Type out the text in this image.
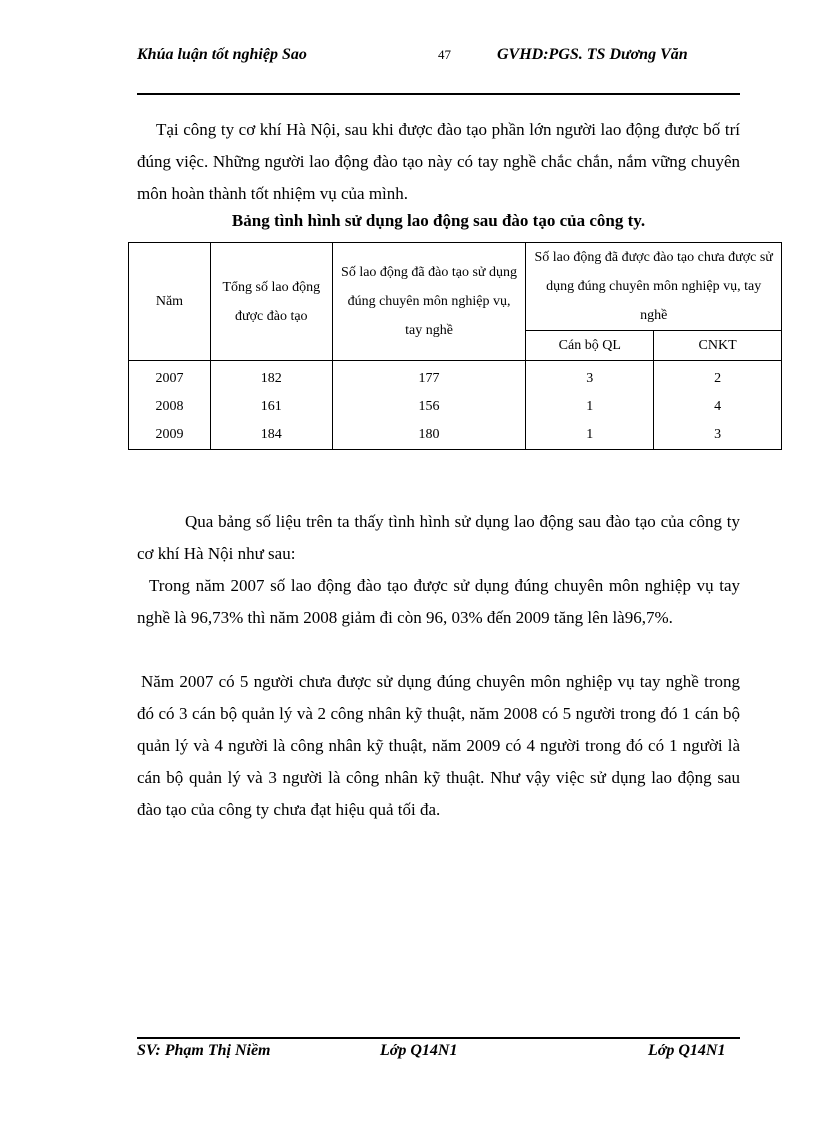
Khúa luận tốt nghiệp Sao	47	GVHD:PGS. TS Dương Văn

Tại công ty cơ khí Hà Nội, sau khi được đào tạo phần lớn người lao động được bố trí đúng việc. Những người lao động đào tạo này có tay nghề chắc chắn, nắm vững chuyên môn hoàn thành tốt nhiệm vụ của mình.

Bảng tình hình sử dụng lao động sau đào tạo của công ty.
Năm	Tổng số lao động được đào tạo	Số lao động đã đào tạo sử dụng đúng chuyên môn nghiệp vụ, tay nghề	Số lao động đã được đào tạo chưa được sử dụng đúng chuyên môn nghiệp vụ, tay nghề	
			Cán bộ QL	CNKT
2007	182	177	3	2
2008	161	156	1	4
2009	184	180	1	3

Qua bảng số liệu trên ta thấy tình hình sử dụng lao động sau đào tạo của công ty cơ khí Hà Nội như sau:

Trong năm 2007 số lao động đào tạo được sử dụng đúng chuyên môn nghiệp vụ tay nghề là 96,73% thì năm 2008 giảm đi còn 96, 03% đến 2009 tăng lên là96,7%.

Năm 2007 có 5 người chưa được sử dụng đúng chuyên môn nghiệp vụ tay nghề trong đó có 3 cán bộ quản lý và 2 công nhân kỹ thuật, năm 2008 có 5 người trong đó 1 cán bộ quản lý và 4 người là công nhân kỹ thuật, năm 2009 có 4 người trong đó có 1 người là cán bộ quản lý và 3 người là công nhân kỹ thuật. Như vậy việc sử dụng lao động sau đào tạo của công ty chưa đạt hiệu quả tối đa.

SV: Phạm Thị Niềm	Lớp Q14N1	Lớp Q14N1
